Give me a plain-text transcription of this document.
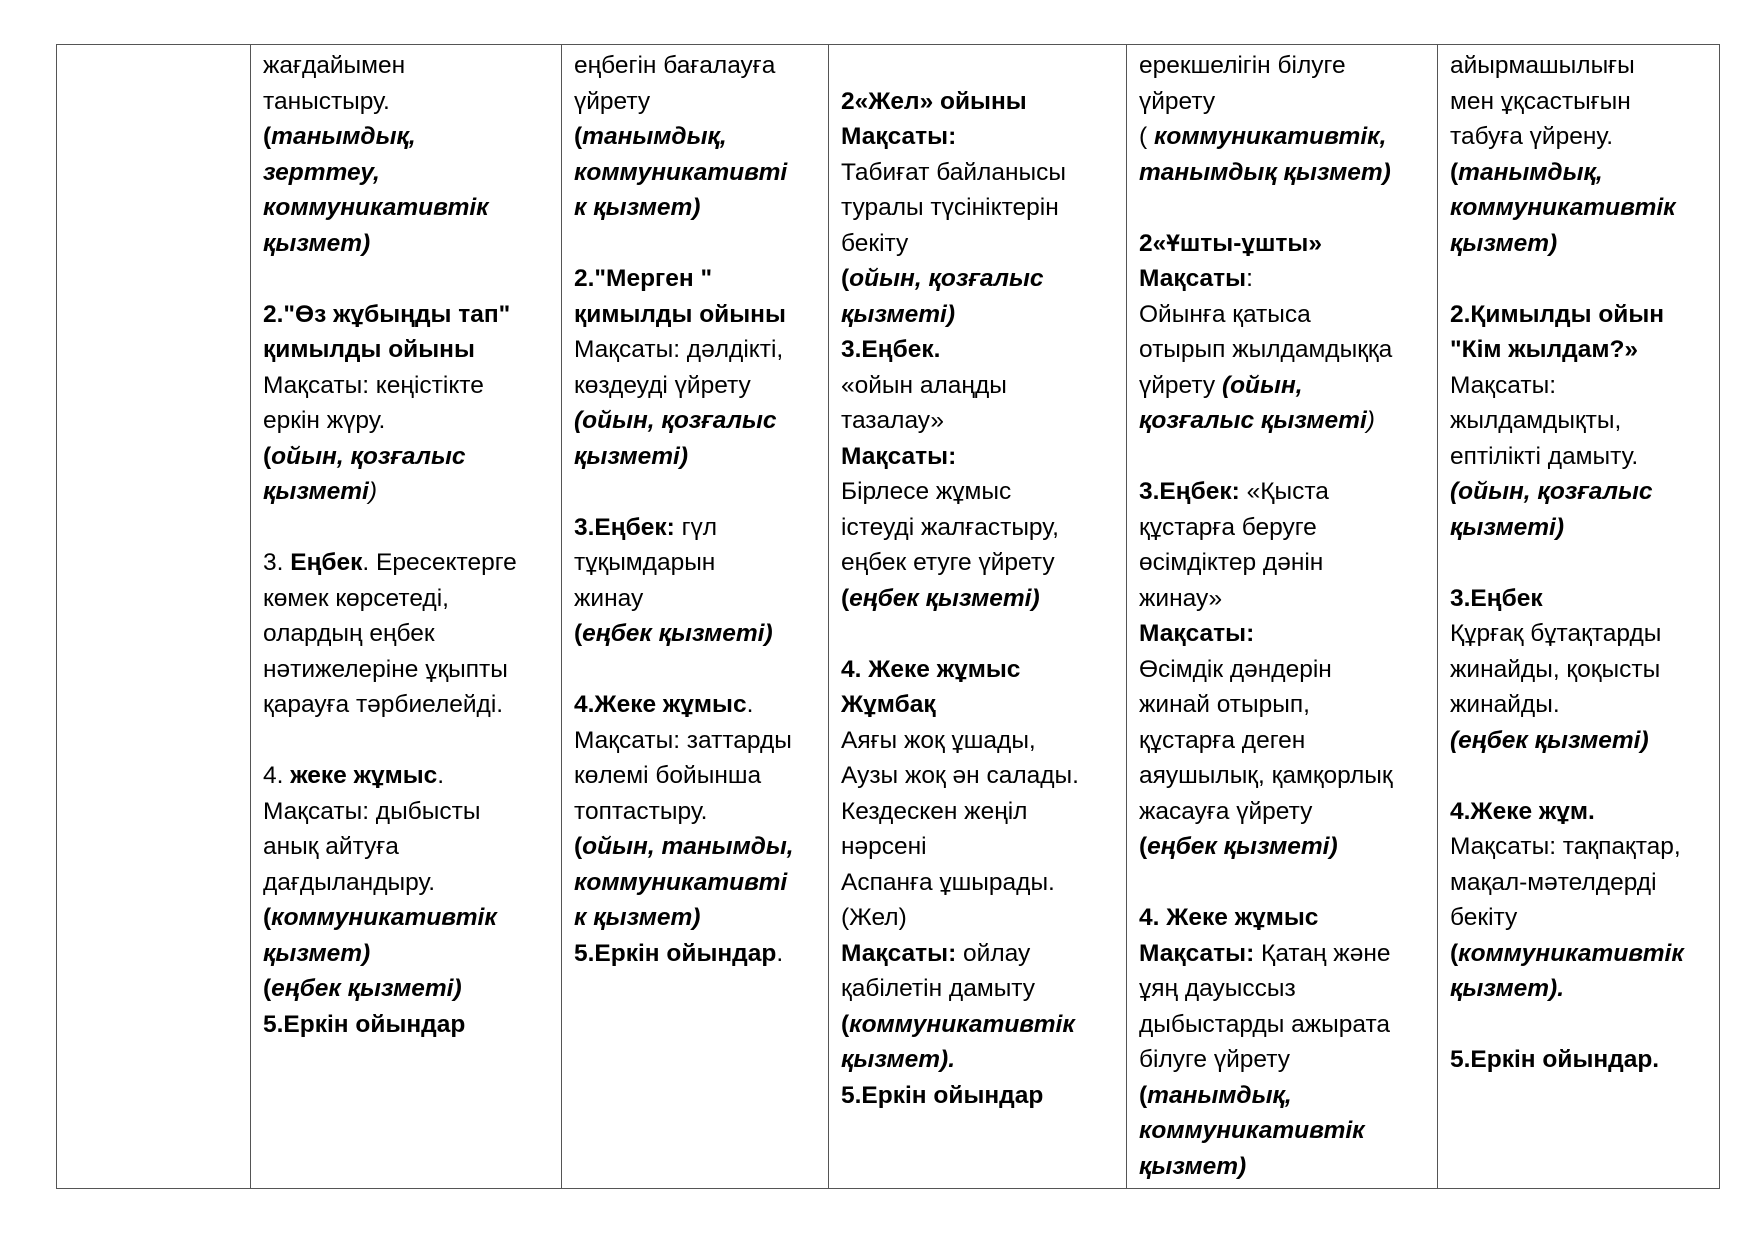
жағдайымен
таныстыру.
(танымдық,
зерттеу,
коммуникативтік
қызмет)
2."Өз жұбыңды тап"
қимылды ойыны
Мақсаты: кеңістікте
еркін жүру.
(ойын, қозғалыс
қызметі)
3. Еңбек. Ересектерге
көмек көрсетеді,
олардың еңбек
нәтижелеріне ұқыпты
қарауға тәрбиелейді.
4. жеке жұмыс.
Мақсаты: дыбысты
анық айтуға
дағдыландыру.
(коммуникативтік
қызмет)
(еңбек қызметі)
5.Еркін ойындар

еңбегін бағалауға
үйрету
(танымдық,
коммуникативті
к қызмет)
2."Мерген "
қимылды ойыны
Мақсаты: дәлдікті,
көздеуді үйрету
(ойын, қозғалыс
қызметі)
3.Еңбек: гүл
тұқымдарын
жинау
(еңбек қызметі)
4.Жеке жұмыс.
Мақсаты: заттарды
көлемі бойынша
топтастыру.
(ойын, танымды,
коммуникативті
к қызмет)
5.Еркін ойындар.

2«Жел» ойыны
Мақсаты:
Табиғат байланысы
туралы түсініктерін
бекіту
(ойын, қозғалыс
қызметі)
3.Еңбек.
«ойын алаңды
тазалау»
Мақсаты:
Бірлесе жұмыс
істеуді жалғастыру,
еңбек етуге үйрету
(еңбек қызметі)
4. Жеке жұмыс
Жұмбақ
Аяғы жоқ ұшады,
Аузы жоқ ән салады.
Кездескен жеңіл
нәрсені
Аспанға ұшырады.
(Жел)
Мақсаты: ойлау
қабілетін дамыту
(коммуникативтік
қызмет).
5.Еркін ойындар

ерекшелігін білуге
үйрету
( коммуникативтік,
танымдық қызмет)
2«Ұшты-ұшты»
Мақсаты:
Ойынға қатыса
отырып жылдамдыққа
үйрету (ойын,
қозғалыс қызметі)
3.Еңбек: «Қыста
құстарға беруге
өсімдіктер дәнін
жинау»
Мақсаты:
Өсімдік дәндерін
жинай отырып,
құстарға деген
аяушылық, қамқорлық
жасауға үйрету
(еңбек қызметі)
4. Жеке жұмыс
Мақсаты: Қатаң және
ұяң дауыссыз
дыбыстарды ажырата
білуге үйрету
(танымдық,
коммуникативтік
қызмет)

айырмашылығы
мен ұқсастығын
табуға үйрену.
(танымдық,
коммуникативтік
қызмет)
2.Қимылды ойын
"Кім жылдам?»
Мақсаты:
жылдамдықты,
ептілікті дамыту.
(ойын, қозғалыс
қызметі)
3.Еңбек
Құрғақ бұтақтарды
жинайды, қоқысты
жинайды.
(еңбек қызметі)
4.Жеке жұм.
Мақсаты: тақпақтар,
мақал-мәтелдерді
бекіту
(коммуникативтік
қызмет).
5.Еркін ойындар.
